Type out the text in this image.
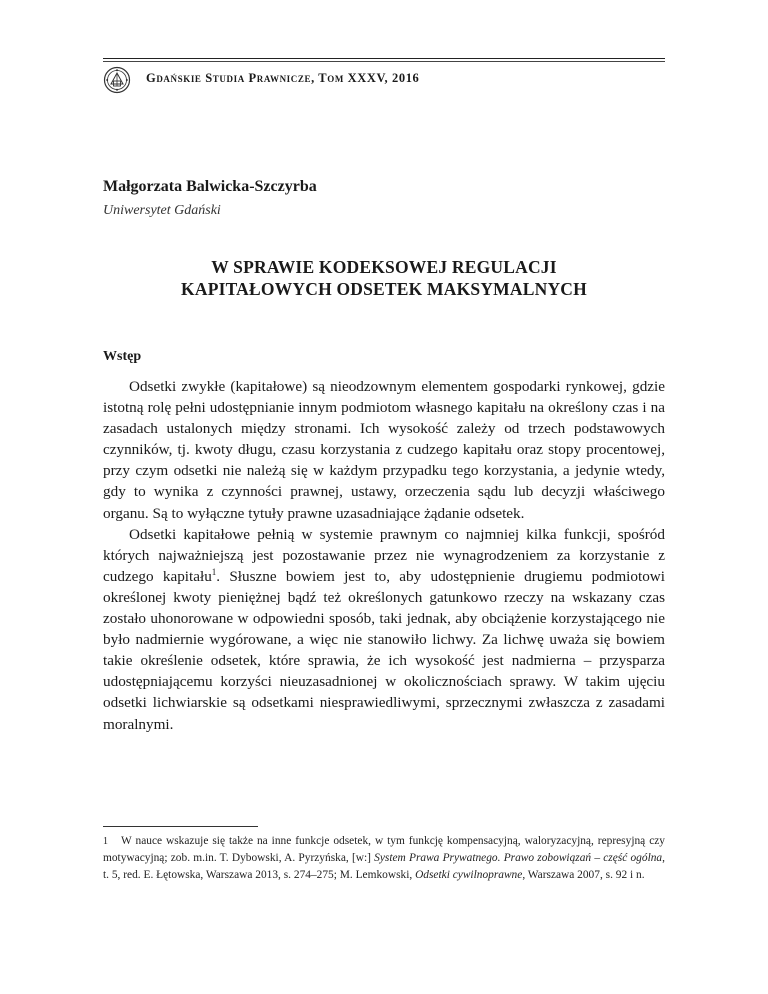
Gdańskie Studia Prawnicze, Tom XXXV, 2016
Małgorzata Balwicka-Szczyrba
Uniwersytet Gdański
W SPRAWIE KODEKSOWEJ REGULACJI
KAPITAŁOWYCH ODSETEK MAKSYMALNYCH
Wstęp

Odsetki zwykłe (kapitałowe) są nieodzownym elementem gospodarki rynkowej, gdzie istotną rolę pełni udostępnianie innym podmiotom własnego kapitału na określony czas i na zasadach ustalonych między stronami. Ich wysokość zależy od trzech podstawowych czynników, tj. kwoty długu, czasu korzystania z cudzego kapitału oraz stopy procentowej, przy czym odsetki nie należą się w każdym przypadku tego korzystania, a jedynie wtedy, gdy to wynika z czynności prawnej, ustawy, orzeczenia sądu lub decyzji właściwego organu. Są to wyłączne tytuły prawne uzasadniające żądanie odsetek.

Odsetki kapitałowe pełnią w systemie prawnym co najmniej kilka funkcji, spośród których najważniejszą jest pozostawanie przez nie wynagrodzeniem za korzystanie z cudzego kapitału$^1$. Słuszne bowiem jest to, aby udostępnienie drugiemu podmiotowi określonej kwoty pieniężnej bądź też określonych gatunkowo rzeczy na wskazany czas zostało uhonorowane w odpowiedni sposób, taki jednak, aby obciążenie korzystającego nie było nadmiernie wygórowane, a więc nie stanowiło lichwy. Za lichwę uważa się bowiem takie określenie odsetek, które sprawia, że ich wysokość jest nadmierna – przysparza udostępniającemu korzyści nieuzasadnionej w okolicznościach sprawy. W takim ujęciu odsetki lichwiarskie są odsetkami niesprawiedliwymi, sprzecznymi zwłaszcza z zasadami moralnymi.

1 W nauce wskazuje się także na inne funkcje odsetek, w tym funkcję kompensacyjną, waloryzacyjną, represyjną czy motywacyjną; zob. m.in. T. Dybowski, A. Pyrzyńska, [w:] System Prawa Prywatnego. Prawo zobowiązań – część ogólna, t. 5, red. E. Łętowska, Warszawa 2013, s. 274–275; M. Lemkowski, Odsetki cywilnoprawne, Warszawa 2007, s. 92 i n.
